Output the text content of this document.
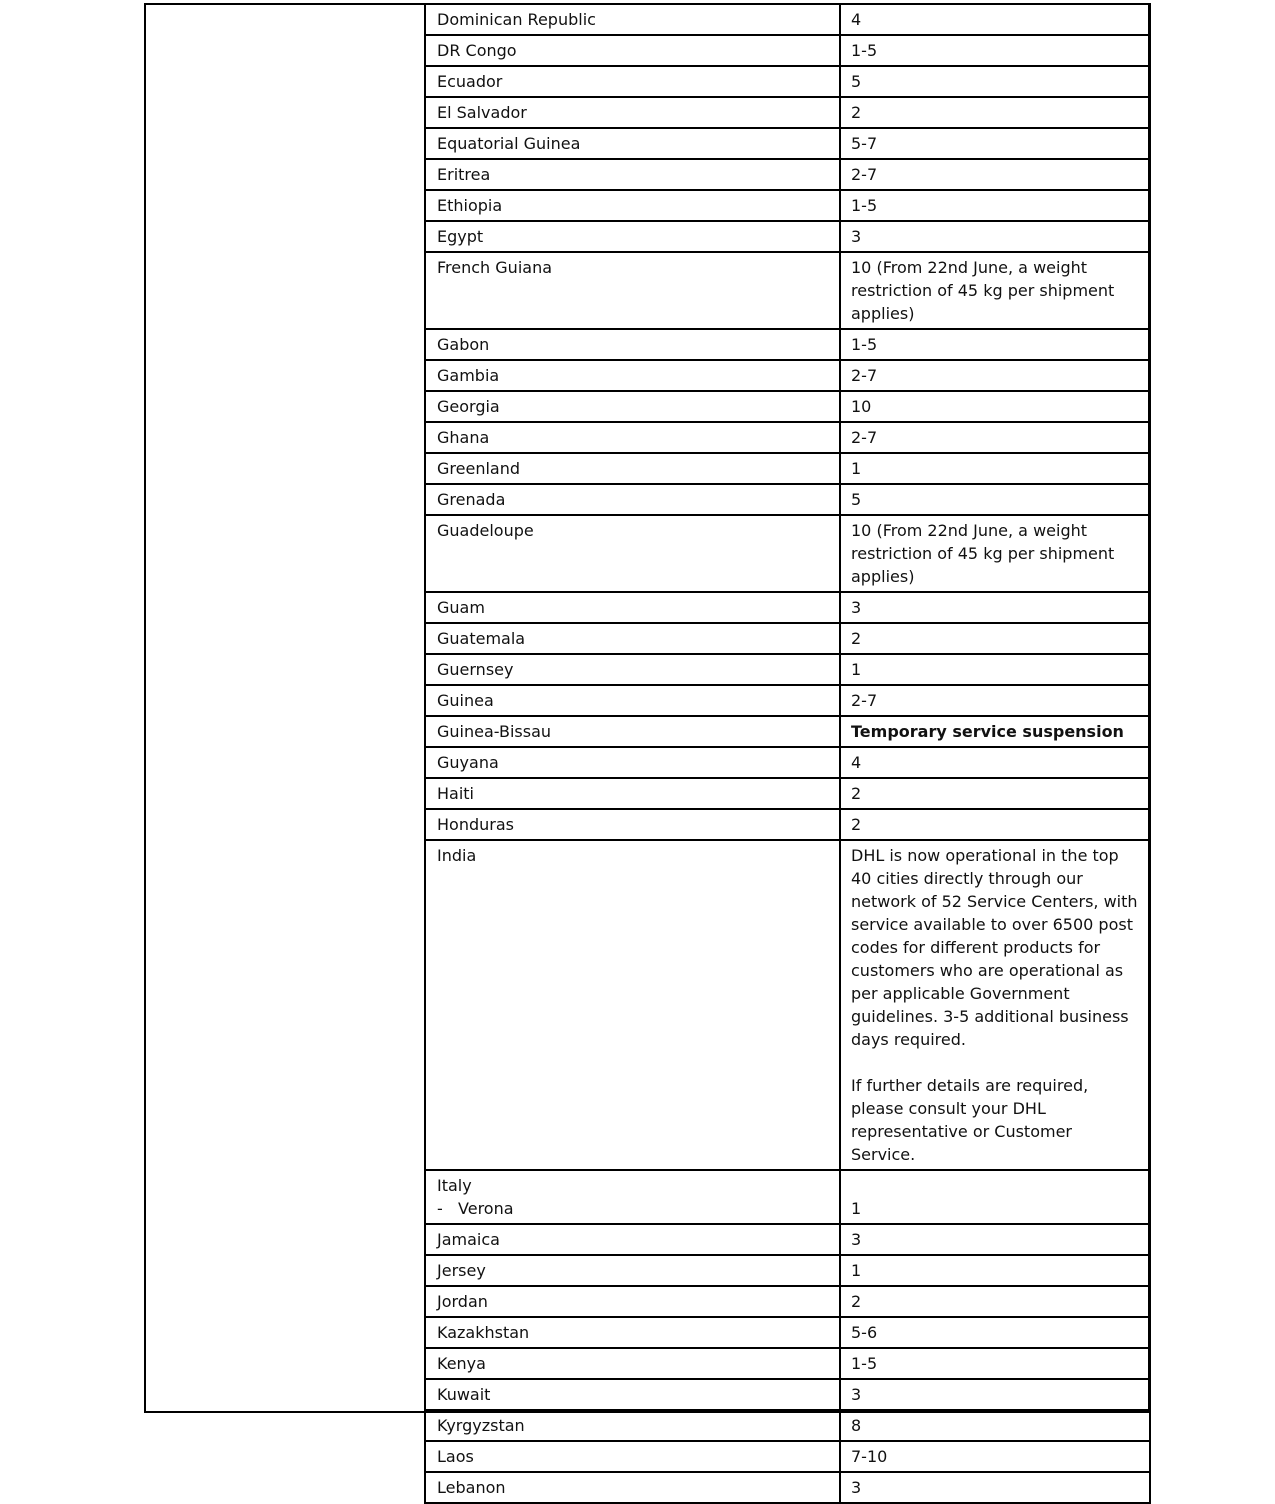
Dominican Republic	4
DR Congo	1-5
Ecuador	5
El Salvador	2
Equatorial Guinea	5-7
Eritrea	2-7
Ethiopia	1-5
Egypt	3
French Guiana	10 (From 22nd June, a weight restriction of 45 kg per shipment applies)
Gabon	1-5
Gambia	2-7
Georgia	10
Ghana	2-7
Greenland	1
Grenada	5
Guadeloupe	10 (From 22nd June, a weight restriction of 45 kg per shipment applies)
Guam	3
Guatemala	2
Guernsey	1
Guinea	2-7
Guinea-Bissau	Temporary service suspension
Guyana	4
Haiti	2
Honduras	2
India	DHL is now operational in the top 40 cities directly through our network of 52 Service Centers, with service available to over 6500 post codes for different products for customers who are operational as per applicable Government guidelines. 3-5 additional business days required.

If further details are required, please consult your DHL representative or Customer Service.
Italy
-   Verona	1
Jamaica	3
Jersey	1
Jordan	2
Kazakhstan	5-6
Kenya	1-5
Kuwait	3
Kyrgyzstan	8
Laos	7-10
Lebanon	3
